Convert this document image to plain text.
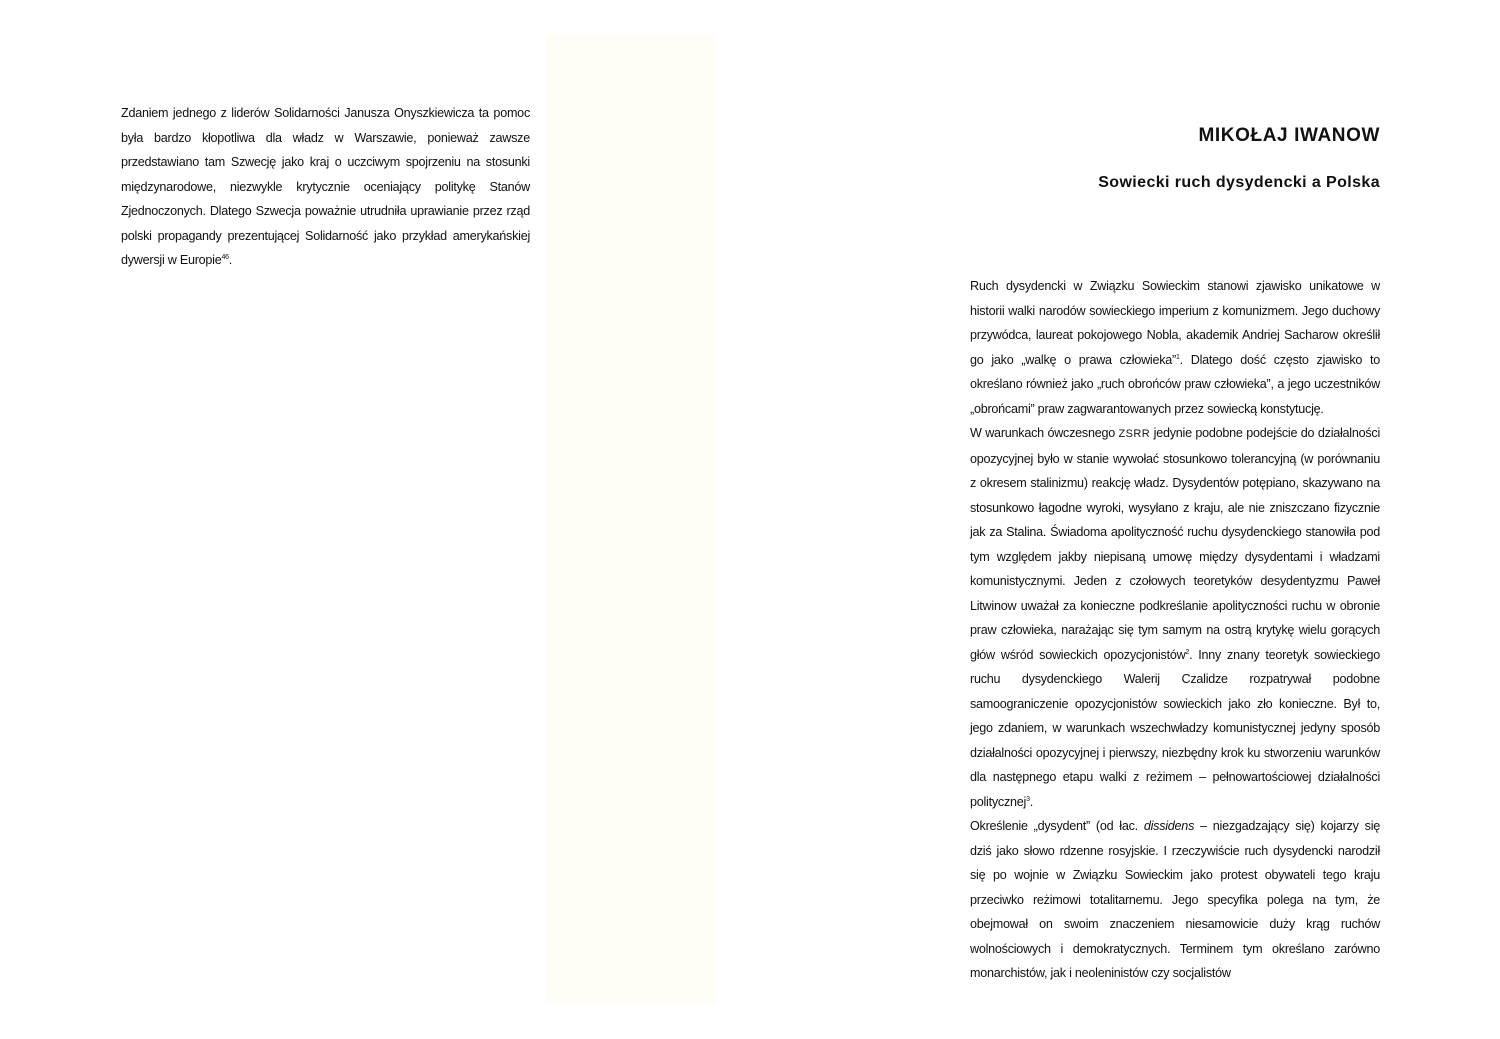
Zdaniem jednego z liderów Solidarności Janusza Onyszkiewicza ta pomoc była bardzo kłopotliwa dla władz w Warszawie, ponieważ zawsze przedstawiano tam Szwecję jako kraj o uczciwym spojrzeniu na stosunki międzynarodowe, niezwykle krytycznie oceniający politykę Stanów Zjednoczonych. Dlatego Szwecja poważnie utrudniła uprawianie przez rząd polski propagandy prezentującej Solidarność jako przykład amerykańskiej dywersji w Europie$^{46}$.

MIKOŁAJ IWANOW
Sowiecki ruch dysydencki a Polska

Ruch dysydencki w Związku Sowieckim stanowi zjawisko unikatowe w historii walki narodów sowieckiego imperium z komunizmem. Jego duchowy przywódca, laureat pokojowego Nobla, akademik Andriej Sacharow określił go jako „walkę o prawa człowieka”$^1$. Dlatego dość często zjawisko to określano również jako „ruch obrońców praw człowieka”, a jego uczestników „obrońcami” praw zagwarantowanych przez sowiecką konstytucję.

W warunkach ówczesnego ZSRR jedynie podobne podejście do działalności opozycyjnej było w stanie wywołać stosunkowo tolerancyjną (w porównaniu z okresem stalinizmu) reakcję władz. Dysydentów potępiano, skazywano na stosunkowo łagodne wyroki, wysyłano z kraju, ale nie zniszczano fizycznie jak za Stalina. Świadoma apolityczność ruchu dysydenckiego stanowiła pod tym względem jakby niepisaną umowę między dysydentami i władzami komunistycznymi. Jeden z czołowych teoretyków desydentyzmu Paweł Litwinow uważał za konieczne podkreślanie apolityczności ruchu w obronie praw człowieka, narażając się tym samym na ostrą krytykę wielu gorących głów wśród sowieckich opozycjonistów$^2$. Inny znany teoretyk sowieckiego ruchu dysydenckiego Walerij Czalidze rozpatrywał podobne samoograniczenie opozycjonistów sowieckich jako zło konieczne. Był to, jego zdaniem, w warunkach wszechwładzy komunistycznej jedyny sposób działalności opozycyjnej i pierwszy, niezbędny krok ku stworzeniu warunków dla następnego etapu walki z reżimem – pełnowartościowej działalności politycznej$^3$.

Określenie „dysydent” (od łac. dissidens – niezgadzający się) kojarzy się dziś jako słowo rdzenne rosyjskie. I rzeczywiście ruch dysydencki narodził się po wojnie w Związku Sowieckim jako protest obywateli tego kraju przeciwko reżimowi totalitarnemu. Jego specyfika polega na tym, że obejmował on swoim znaczeniem niesamowicie duży krąg ruchów wolnościowych i demokratycznych. Terminem tym określano zarówno monarchistów, jak i neoleninistów czy socjalistów
